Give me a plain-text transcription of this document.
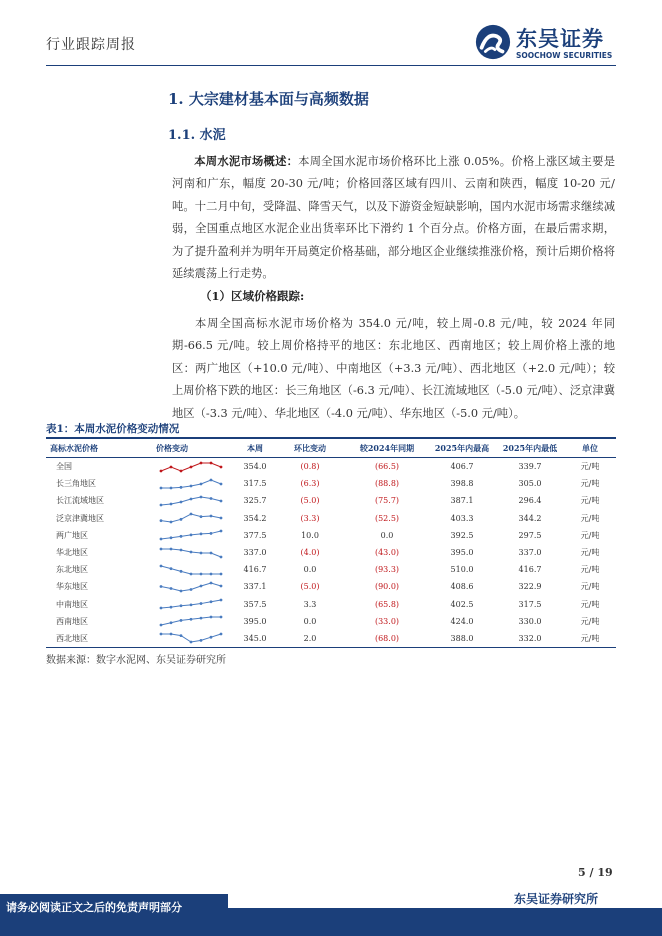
行业跟踪周报	东吴证券
SOOCHOW SECURITIES
1. 大宗建材基本面与高频数据
1.1. 水泥
本周水泥市场概述：本周全国水泥市场价格环比上涨 0.05%。价格上涨区域主要是河南和广东，幅度 20-30 元/吨；价格回落区域有四川、云南和陕西，幅度 10-20 元/吨。十二月中旬，受降温、降雪天气，以及下游资金短缺影响，国内水泥市场需求继续减弱，全国重点地区水泥企业出货率环比下滑约 1 个百分点。价格方面，在最后需求期，为了提升盈利并为明年开局奠定价格基础，部分地区企业继续推涨价格，预计后期价格将延续震荡上行走势。
（1）区域价格跟踪:
本周全国高标水泥市场价格为 354.0 元/吨，较上周-0.8 元/吨，较 2024 年同期-66.5 元/吨。较上周价格持平的地区：东北地区、西南地区；较上周价格上涨的地区：两广地区（+10.0 元/吨）、中南地区（+3.3 元/吨）、西北地区（+2.0 元/吨）；较上周价格下跌的地区：长三角地区（-6.3 元/吨）、长江流域地区（-5.0 元/吨）、泛京津冀地区（-3.3 元/吨）、华北地区（-4.0 元/吨）、华东地区（-5.0 元/吨）。
表1：本周水泥价格变动情况
高标水泥价格	价格变动	本周	环比变动	较2024年同期	2025年内最高	2025年内最低	单位
全国		354.0	(0.8)	(66.5)	406.7	339.7	元/吨
长三角地区		317.5	(6.3)	(88.8)	398.8	305.0	元/吨
长江流域地区		325.7	(5.0)	(75.7)	387.1	296.4	元/吨
泛京津冀地区		354.2	(3.3)	(52.5)	403.3	344.2	元/吨
两广地区		377.5	10.0	0.0	392.5	297.5	元/吨
华北地区		337.0	(4.0)	(43.0)	395.0	337.0	元/吨
东北地区		416.7	0.0	(93.3)	510.0	416.7	元/吨
华东地区		337.1	(5.0)	(90.0)	408.6	322.9	元/吨
中南地区		357.5	3.3	(65.8)	402.5	317.5	元/吨
西南地区		395.0	0.0	(33.0)	424.0	330.0	元/吨
西北地区		345.0	2.0	(68.0)	388.0	332.0	元/吨
数据来源：数字水泥网、东吴证券研究所
5 / 19
东吴证券研究所
请务必阅读正文之后的免责声明部分
